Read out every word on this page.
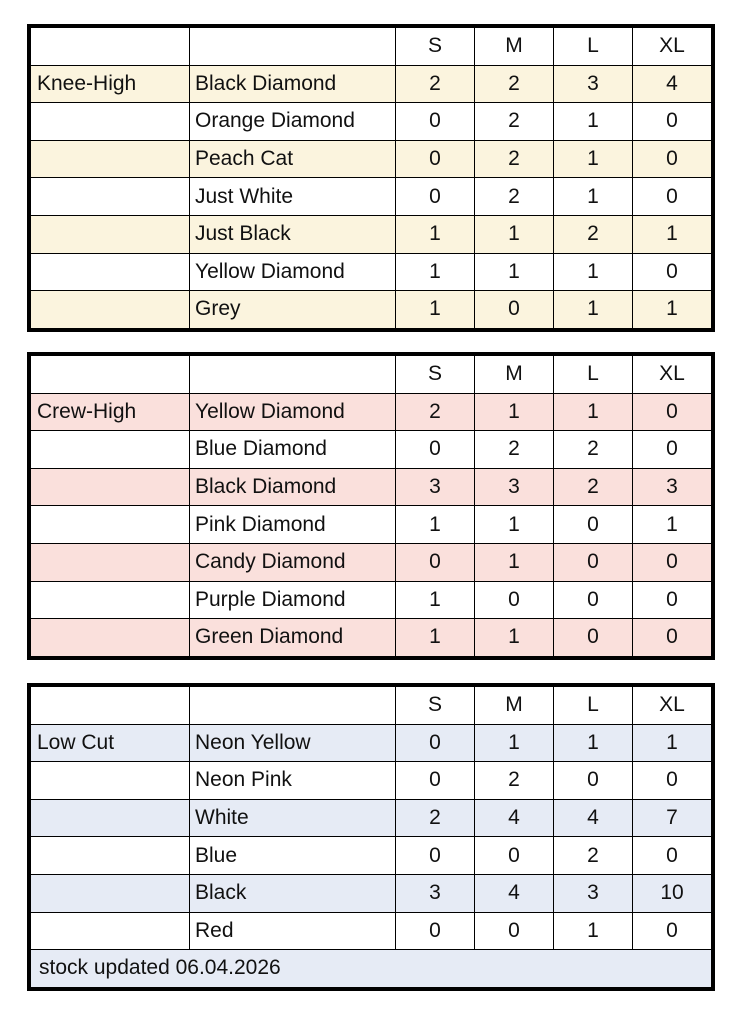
		S	M	L	XL
Knee-High	Black Diamond	2	2	3	4
	Orange Diamond	0	2	1	0
	Peach Cat	0	2	1	0
	Just White	0	2	1	0
	Just Black	1	1	2	1
	Yellow Diamond	1	1	1	0
	Grey	1	0	1	1
		S	M	L	XL
Crew-High	Yellow Diamond	2	1	1	0
	Blue Diamond	0	2	2	0
	Black Diamond	3	3	2	3
	Pink Diamond	1	1	0	1
	Candy Diamond	0	1	0	0
	Purple Diamond	1	0	0	0
	Green Diamond	1	1	0	0
		S	M	L	XL
Low Cut	Neon Yellow	0	1	1	1
	Neon Pink	0	2	0	0
	White	2	4	4	7
	Blue	0	0	2	0
	Black	3	4	3	10
	Red	0	0	1	0
stock updated 06.04.2026					
